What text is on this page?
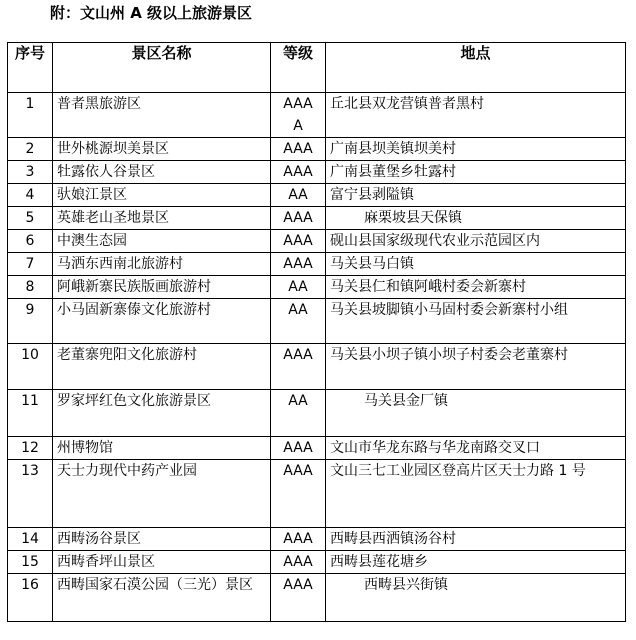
附：文山州 A 级以上旅游景区
序号	景区名称	等级	地点
1	普者黑旅游区	AAAA	丘北县双龙营镇普者黑村
2	世外桃源坝美景区	AAA	广南县坝美镇坝美村
3	牡露依人谷景区	AAA	广南县董堡乡牡露村
4	驮娘江景区	AA	富宁县剥隘镇
5	英雄老山圣地景区	AAA	麻栗坡县天保镇
6	中澳生态园	AAA	砚山县国家级现代农业示范园区内
7	马洒东西南北旅游村	AAA	马关县马白镇
8	阿峨新寨民族版画旅游村	AA	马关县仁和镇阿峨村委会新寨村
9	小马固新寨傣文化旅游村	AA	马关县坡脚镇小马固村委会新寨村小组
10	老董寨兜阳文化旅游村	AAA	马关县小坝子镇小坝子村委会老董寨村
11	罗家坪红色文化旅游景区	AA	马关县金厂镇
12	州博物馆	AAA	文山市华龙东路与华龙南路交叉口
13	天士力现代中药产业园	AAA	文山三七工业园区登高片区天士力路 1 号
14	西畴汤谷景区	AAA	西畴县西洒镇汤谷村
15	西畴香坪山景区	AAA	西畴县莲花塘乡
16	西畴国家石漠公园（三光）景区	AAA	西畴县兴街镇
